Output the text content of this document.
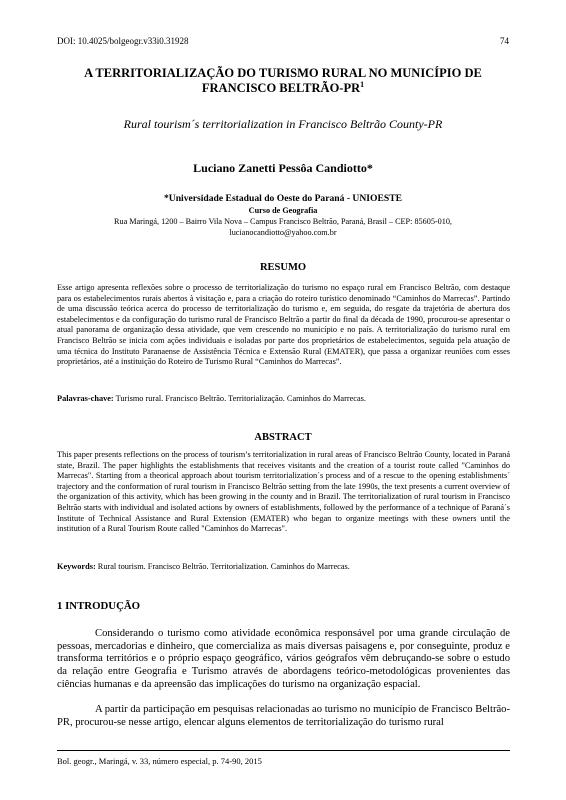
DOI: 10.4025/bolgeogr.v33i0.31928	74
A TERRITORIALIZAÇÃO DO TURISMO RURAL NO MUNICÍPIO DE
FRANCISCO BELTRÃO-$PR^1$
Rural tourism´s territorialization in Francisco Beltrão County-PR
Luciano Zanetti Pessôa Candiotto*
*Universidade Estadual do Oeste do Paraná - UNIOESTE
Curso de Geografia
Rua Maringá, 1200 – Bairro Vila Nova – Campus Francisco Beltrão, Paraná, Brasil – CEP: 85605-010,
lucianocandiotto@yahoo.com.br
RESUMO
Esse artigo apresenta reflexões sobre o processo de territorialização do turismo no espaço rural em Francisco Beltrão, com destaque para os estabelecimentos rurais abertos à visitação e, para a criação do roteiro turístico denominado “Caminhos do Marrecas”. Partindo de uma discussão teórica acerca do processo de territorialização do turismo e, em seguida, do resgate da trajetória de abertura dos estabelecimentos e da configuração do turismo rural de Francisco Beltrão a partir do final da década de 1990, procurou-se apresentar o atual panorama de organização dessa atividade, que vem crescendo no município e no país. A territorialização do turismo rural em Francisco Beltrão se inicia com ações individuais e isoladas por parte dos proprietários de estabelecimentos, seguida pela atuação de uma técnica do Instituto Paranaense de Assistência Técnica e Extensão Rural (EMATER), que passa a organizar reuniões com esses proprietários, até a instituição do Roteiro de Turismo Rural “Caminhos do Marrecas”.
Palavras-chave: Turismo rural. Francisco Beltrão. Territorialização. Caminhos do Marrecas.
ABSTRACT
This paper presents reflections on the process of tourism’s territorialization in rural areas of Francisco Beltrão County, located in Paraná state, Brazil. The paper highlights the establishments that receives visitants and the creation of a tourist route called "Caminhos do Marrecas". Starting from a theorical approach about tourism territorialization´s process and of a rescue to the opening establishments´ trajectory and the conformation of rural tourism in Francisco Beltrão setting from the late 1990s, the text presents a current overview of the organization of this activity, which has been growing in the county and in Brazil. The territorialization of rural tourism in Francisco Beltrão starts with individual and isolated actions by owners of establishments, followed by the performance of a technique of Paraná´s Institute of Technical Assistance and Rural Extension (EMATER) who began to organize meetings with these owners until the institution of a Rural Tourism Route called "Caminhos do Marrecas".
Keywords: Rural tourism. Francisco Beltrão. Territorialization. Caminhos do Marrecas.
1 INTRODUÇÃO
Considerando o turismo como atividade econômica responsável por uma grande circulação de pessoas, mercadorias e dinheiro, que comercializa as mais diversas paisagens e, por conseguinte, produz e transforma territórios e o próprio espaço geográfico, vários geógrafos vêm debruçando-se sobre o estudo da relação entre Geografia e Turismo através de abordagens teórico-metodológicas provenientes das ciências humanas e da apreensão das implicações do turismo na organização espacial.
A partir da participação em pesquisas relacionadas ao turismo no município de Francisco Beltrão-PR, procurou-se nesse artigo, elencar alguns elementos de territorialização do turismo rural
Bol. geogr., Maringá, v. 33, número especial, p. 74-90, 2015
